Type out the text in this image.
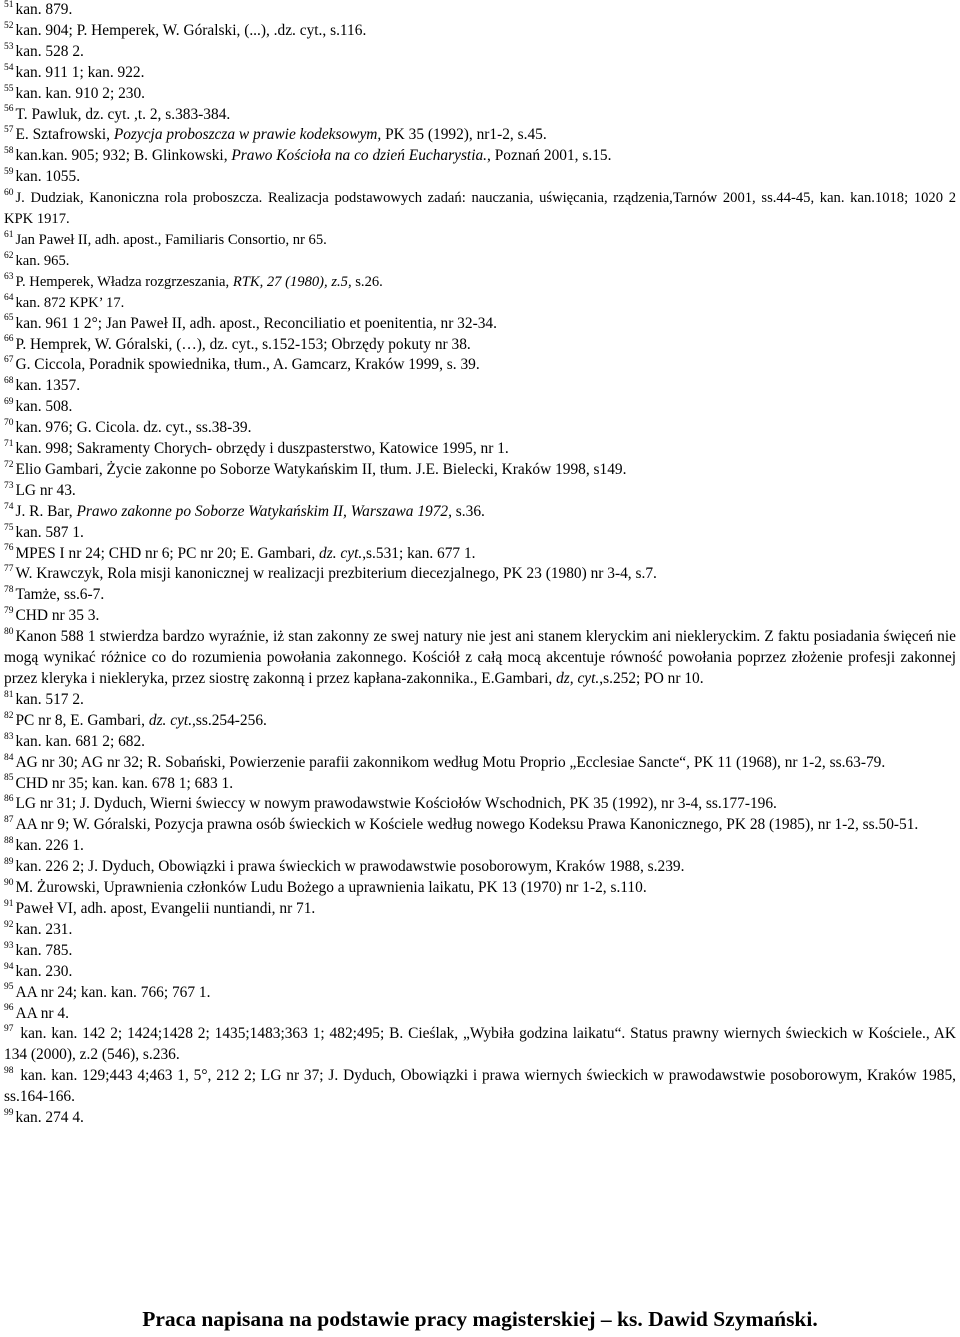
$^{51}$ kan. 879.
$^{52}$ kan. 904; P. Hemperek, W. Góralski, (...), .dz. cyt., s.116.
$^{53}$ kan. 528 2.
$^{54}$ kan. 911 1; kan. 922.
$^{55}$ kan. kan. 910 2; 230.
$^{56}$ T. Pawluk, dz. cyt. ,t. 2, s.383-384.
$^{57}$ E. Sztafrowski, Pozycja proboszcza w prawie kodeksowym, PK 35 (1992), nr1-2, s.45.
$^{58}$ kan.kan. 905; 932; B. Glinkowski, Prawo Kościoła na co dzień Eucharystia., Poznań 2001, s.15.
$^{59}$ kan. 1055.
$^{60}$ J. Dudziak, Kanoniczna rola proboszcza. Realizacja podstawowych zadań: nauczania, uświęcania, rządzenia,Tarnów 2001, ss.44-45, kan. kan.1018; 1020 2 KPK 1917.
$^{61}$ Jan Paweł II, adh. apost., Familiaris Consortio, nr 65.
$^{62}$ kan. 965.
$^{63}$ P. Hemperek, Władza rozgrzeszania, RTK, 27 (1980), z.5, s.26.
$^{64}$ kan. 872 KPK’ 17.
$^{65}$ kan. 961 1 2°; Jan Paweł II, adh. apost., Reconciliatio et poenitentia, nr 32-34.
$^{66}$ P. Hemprek, W. Góralski, (…), dz. cyt., s.152-153; Obrzędy pokuty nr 38.
$^{67}$ G. Ciccola, Poradnik spowiednika, tłum., A. Gamcarz, Kraków 1999, s. 39.
$^{68}$ kan. 1357.
$^{69}$ kan. 508.
$^{70}$ kan. 976; G. Cicola. dz. cyt., ss.38-39.
$^{71}$ kan. 998; Sakramenty Chorych- obrzędy i duszpasterstwo, Katowice 1995, nr 1.
$^{72}$ Elio Gambari, Życie zakonne po Soborze Watykańskim II, tłum. J.E. Bielecki, Kraków 1998, s149.
$^{73}$ LG nr 43.
$^{74}$ J. R. Bar, Prawo zakonne po Soborze Watykańskim II, Warszawa 1972, s.36.
$^{75}$ kan. 587 1.
$^{76}$ MPES I nr 24; CHD nr 6; PC nr 20; E. Gambari, dz. cyt.,s.531; kan. 677 1.
$^{77}$ W. Krawczyk, Rola misji kanonicznej w realizacji prezbiterium diecezjalnego, PK 23 (1980) nr 3-4, s.7.
$^{78}$ Tamże, ss.6-7.
$^{79}$ CHD nr 35 3.
$^{80}$ Kanon 588 1 stwierdza bardzo wyraźnie, iż stan zakonny ze swej natury nie jest ani stanem kleryckim ani niekleryckim. Z faktu posiadania święceń nie mogą wynikać różnice co do rozumienia powołania zakonnego. Kościół z całą mocą akcentuje równość powołania poprzez złożenie profesji zakonnej przez kleryka i niekleryka, przez siostrę zakonną i przez kapłana-zakonnika., E.Gambari, dz, cyt.,s.252; PO nr 10.
$^{81}$ kan. 517 2.
$^{82}$ PC nr 8, E. Gambari, dz. cyt.,ss.254-256.
$^{83}$ kan. kan. 681 2; 682.
$^{84}$ AG nr 30; AG nr 32; R. Sobański, Powierzenie parafii zakonnikom według Motu Proprio „Ecclesiae Sancte“, PK 11 (1968), nr 1-2, ss.63-79.
$^{85}$ CHD nr 35; kan. kan. 678 1; 683 1.
$^{86}$ LG nr 31; J. Dyduch, Wierni świeccy w nowym prawodawstwie Kościołów Wschodnich, PK 35 (1992), nr 3-4, ss.177-196.
$^{87}$ AA nr 9; W. Góralski, Pozycja prawna osób świeckich w Kościele według nowego Kodeksu Prawa Kanonicznego, PK 28 (1985), nr 1-2, ss.50-51.
$^{88}$ kan. 226 1.
$^{89}$ kan. 226 2; J. Dyduch, Obowiązki i prawa świeckich w prawodawstwie posoborowym, Kraków 1988, s.239.
$^{90}$ M. Żurowski, Uprawnienia członków Ludu Bożego a uprawnienia laikatu, PK 13 (1970) nr 1-2, s.110.
$^{91}$ Paweł VI, adh. apost, Evangelii nuntiandi, nr 71.
$^{92}$ kan. 231.
$^{93}$ kan. 785.
$^{94}$ kan. 230.
$^{95}$ AA nr 24; kan. kan. 766; 767 1.
$^{96}$ AA nr 4.
$^{97}$ kan. kan. 142 2; 1424;1428 2; 1435;1483;363 1; 482;495; B. Cieślak, „Wybiła godzina laikatu“. Status prawny wiernych świeckich w Kościele., AK 134 (2000), z.2 (546), s.236.
$^{98}$ kan. kan. 129;443 4;463 1, 5°, 212 2; LG nr 37; J. Dyduch, Obowiązki i prawa wiernych świeckich w prawodawstwie posoborowym, Kraków 1985, ss.164-166.
$^{99}$ kan. 274 4.
Praca napisana na podstawie pracy magisterskiej – ks. Dawid Szymański.
